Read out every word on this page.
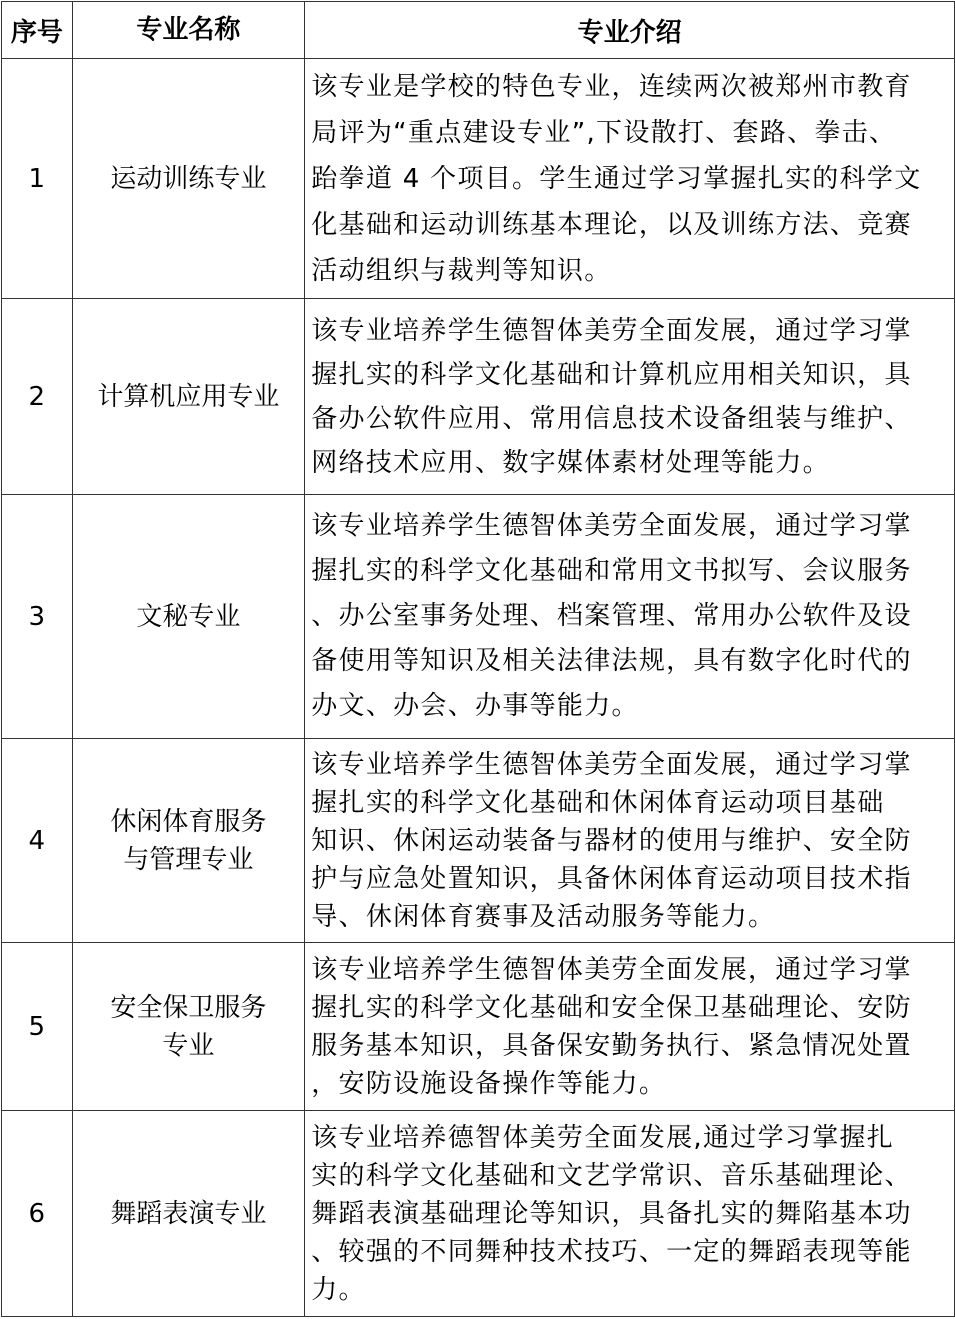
序号	专业名称	专业介绍
1	运动训练专业	该专业是学校的特色专业，连续两次被郑州市教育
局评为“重点建设专业”,下设散打、套路、拳击、
跆拳道 4 个项目。学生通过学习掌握扎实的科学文
化基础和运动训练基本理论，以及训练方法、竞赛
活动组织与裁判等知识。

2	计算机应用专业	该专业培养学生德智体美劳全面发展，通过学习掌
握扎实的科学文化基础和计算机应用相关知识，具
备办公软件应用、常用信息技术设备组装与维护、
网络技术应用、数字媒体素材处理等能力。

3	文秘专业	该专业培养学生德智体美劳全面发展，通过学习掌
握扎实的科学文化基础和常用文书拟写、会议服务
、办公室事务处理、档案管理、常用办公软件及设
备使用等知识及相关法律法规，具有数字化时代的
办文、办会、办事等能力。

4	休闲体育服务
与管理专业	该专业培养学生德智体美劳全面发展，通过学习掌
握扎实的科学文化基础和休闲体育运动项目基础
知识、休闲运动装备与器材的使用与维护、安全防
护与应急处置知识，具备休闲体育运动项目技术指
导、休闲体育赛事及活动服务等能力。

5	安全保卫服务
专业	该专业培养学生德智体美劳全面发展，通过学习掌
握扎实的科学文化基础和安全保卫基础理论、安防
服务基本知识，具备保安勤务执行、紧急情况处置
，安防设施设备操作等能力。

6	舞蹈表演专业	该专业培养德智体美劳全面发展,通过学习掌握扎
实的科学文化基础和文艺学常识、音乐基础理论、
舞蹈表演基础理论等知识，具备扎实的舞陷基本功
、较强的不同舞种技术技巧、一定的舞蹈表现等能
力。
